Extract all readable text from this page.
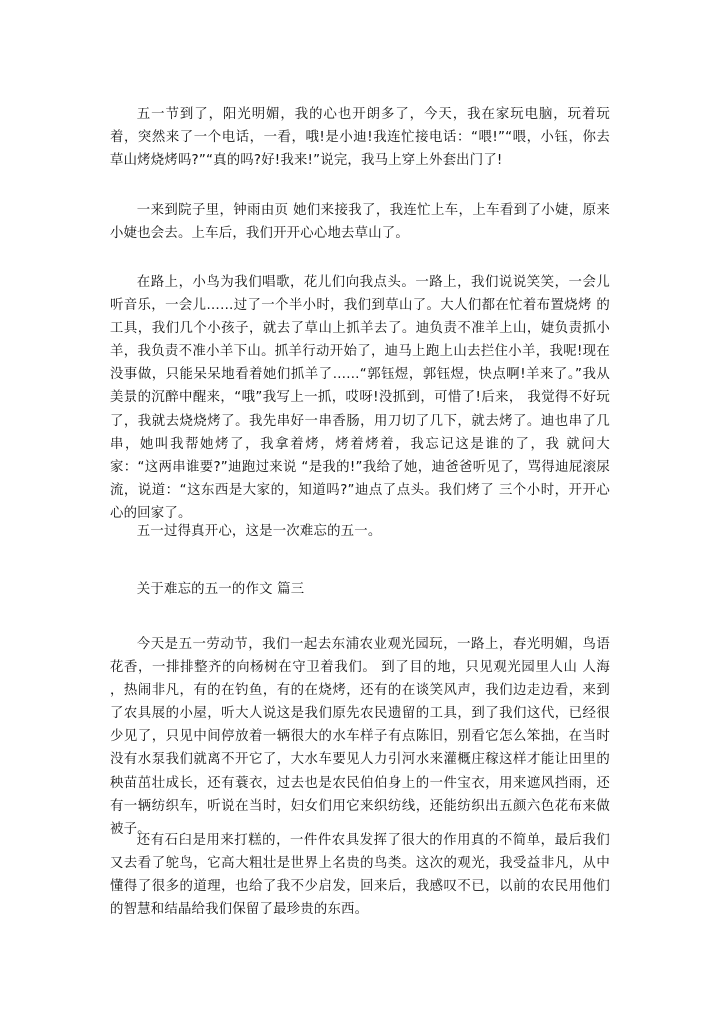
五一节到了，阳光明媚，我的心也开朗多了，今天，我在家玩电脑，玩着玩着，突然来了一个电话，一看，哦!是小迪!我连忙接电话：“喂!”“喂，小钰，你去草山烤烧烤吗?”“真的吗?好!我来!”说完，我马上穿上外套出门了!

一来到院子里，钟雨由页 她们来接我了，我连忙上车，上车看到了小婕，原来小婕也会去。上车后，我们开开心心地去草山了。

在路上，小鸟为我们唱歌，花儿们向我点头。一路上，我们说说笑笑，一会儿听音乐，一会儿……过了一个半小时，我们到草山了。大人们都在忙着布置烧烤 的工具，我们几个小孩子，就去了草山上抓羊去了。迪负责不准羊上山，婕负责抓小羊，我负责不准小羊下山。抓羊行动开始了，迪马上跑上山去拦住小羊，我呢!现在没事做，只能呆呆地看着她们抓羊了……“郭钰煜，郭钰煜，快点啊!羊来了。”我从美景的沉醉中醒来，“哦”我写上一抓，哎呀!没抓到，可惜了!后来， 我觉得不好玩了，我就去烧烧烤了。我先串好一串香肠，用刀切了几下，就去烤了。迪也串了几串，她叫我帮她烤了，我拿着烤，烤着烤着，我忘记这是谁的了，我 就问大家：“这两串谁要?”迪跑过来说 “是我的!”我给了她，迪爸爸听见了，骂得迪屁滚尿流，说道：“这东西是大家的，知道吗?”迪点了点头。我们烤了 三个小时，开开心心的回家了。

五一过得真开心，这是一次难忘的五一。

关于难忘的五一的作文 篇三

今天是五一劳动节，我们一起去东浦农业观光园玩，一路上，春光明媚，鸟语花香，一排排整齐的向杨树在守卫着我们。 到了目的地，只见观光园里人山 人海 ，热闹非凡，有的在钓鱼，有的在烧烤，还有的在谈笑风声，我们边走边看，来到了农具展的小屋，听大人说这是我们原先农民遗留的工具，到了我们这代，已经很少见了，只见中间停放着一辆很大的水车样子有点陈旧，别看它怎么笨拙，在当时没有水泵我们就离不开它了，大水车要见人力引河水来灌概庄稼这样才能让田里的秧苗茁壮成长，还有蓑衣，过去也是农民伯伯身上的一件宝衣，用来遮风挡雨，还有一辆纺织车，听说在当时，妇女们用它来织纺线，还能纺织出五颜六色花布来做被子。

还有石臼是用来打糕的，一件件农具发挥了很大的作用真的不简单，最后我们又去看了鸵鸟，它高大粗壮是世界上名贵的鸟类。这次的观光，我受益非凡，从中懂得了很多的道理，也给了我不少启发，回来后，我感叹不已，以前的农民用他们的智慧和结晶给我们保留了最珍贵的东西。
